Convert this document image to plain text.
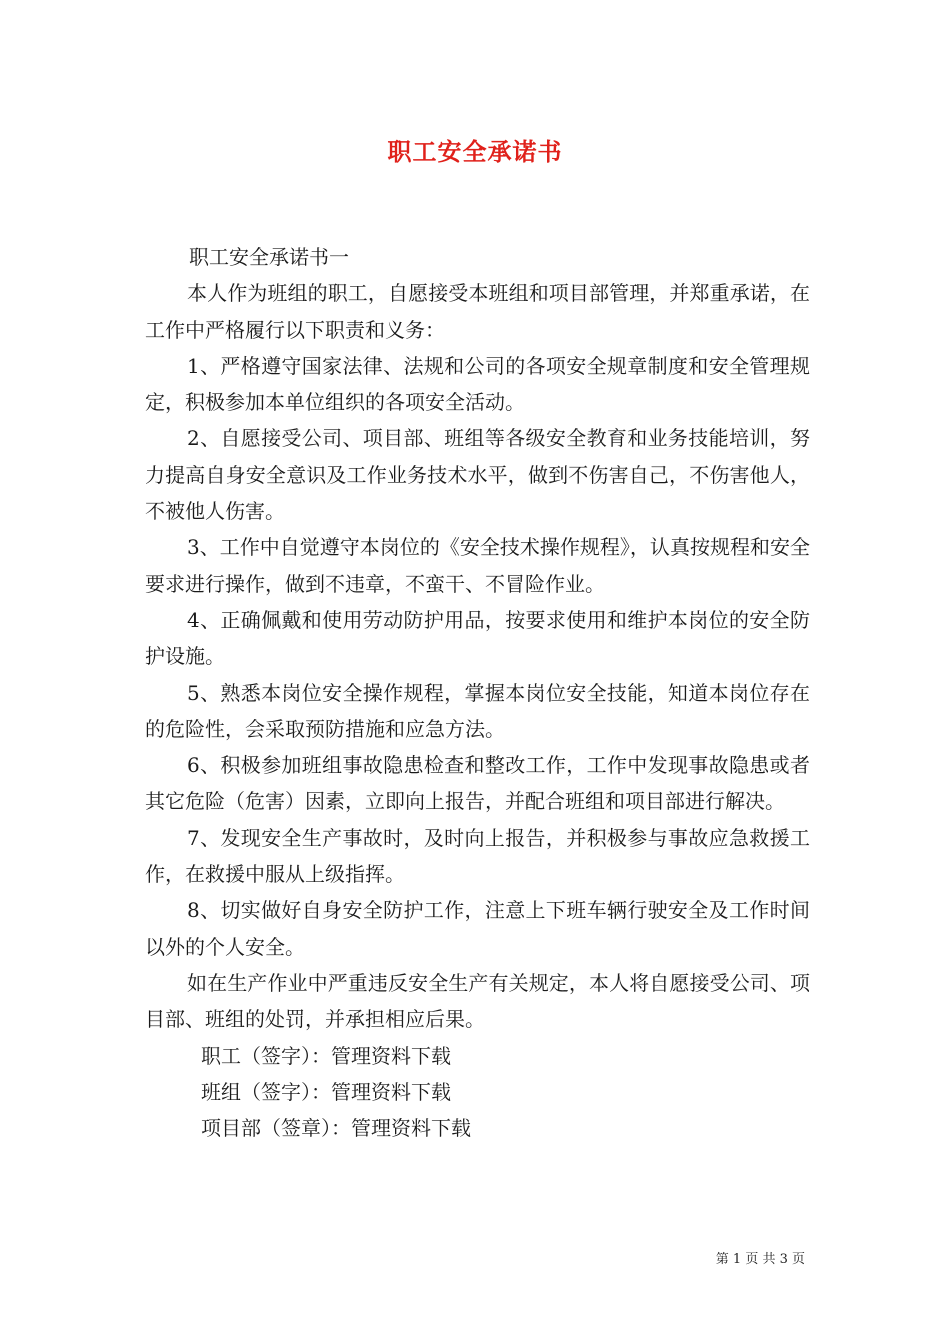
职工安全承诺书

职工安全承诺书一

本人作为班组的职工，自愿接受本班组和项目部管理，并郑重承诺，在工作中严格履行以下职责和义务：

1、严格遵守国家法律、法规和公司的各项安全规章制度和安全管理规定，积极参加本单位组织的各项安全活动。

2、自愿接受公司、项目部、班组等各级安全教育和业务技能培训，努力提高自身安全意识及工作业务技术水平，做到不伤害自己，不伤害他人，不被他人伤害。

3、工作中自觉遵守本岗位的《安全技术操作规程》，认真按规程和安全要求进行操作，做到不违章，不蛮干、不冒险作业。

4、正确佩戴和使用劳动防护用品，按要求使用和维护本岗位的安全防护设施。

5、熟悉本岗位安全操作规程，掌握本岗位安全技能，知道本岗位存在的危险性，会采取预防措施和应急方法。

6、积极参加班组事故隐患检查和整改工作，工作中发现事故隐患或者其它危险（危害）因素，立即向上报告，并配合班组和项目部进行解决。

7、发现安全生产事故时，及时向上报告，并积极参与事故应急救援工作，在救援中服从上级指挥。

8、切实做好自身安全防护工作，注意上下班车辆行驶安全及工作时间以外的个人安全。

如在生产作业中严重违反安全生产有关规定，本人将自愿接受公司、项目部、班组的处罚，并承担相应后果。

职工（签字）：管理资料下载

班组（签字）：管理资料下载

项目部（签章）：管理资料下载

第 1 页 共 3 页
